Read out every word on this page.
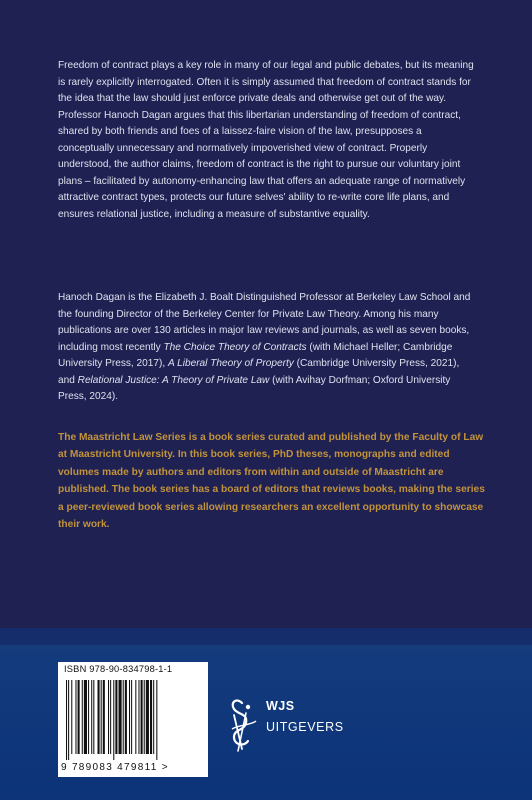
Freedom of contract plays a key role in many of our legal and public debates, but its meaning is rarely explicitly interrogated. Often it is simply assumed that freedom of contract stands for the idea that the law should just enforce private deals and otherwise get out of the way. Professor Hanoch Dagan argues that this libertarian understanding of freedom of contract, shared by both friends and foes of a laissez-faire vision of the law, presupposes a conceptually unnecessary and normatively impoverished view of contract. Properly understood, the author claims, freedom of contract is the right to pursue our voluntary joint plans – facilitated by autonomy-enhancing law that offers an adequate range of normatively attractive contract types, protects our future selves' ability to re-write core life plans, and ensures relational justice, including a measure of substantive equality.

Hanoch Dagan is the Elizabeth J. Boalt Distinguished Professor at Berkeley Law School and the founding Director of the Berkeley Center for Private Law Theory. Among his many publications are over 130 articles in major law reviews and journals, as well as seven books, including most recently The Choice Theory of Contracts (with Michael Heller; Cambridge University Press, 2017), A Liberal Theory of Property (Cambridge University Press, 2021), and Relational Justice: A Theory of Private Law (with Avihay Dorfman; Oxford University Press, 2024).

The Maastricht Law Series is a book series curated and published by the Faculty of Law at Maastricht University. In this book series, PhD theses, monographs and edited volumes made by authors and editors from within and outside of Maastricht are published. The book series has a board of editors that reviews books, making the series a peer-reviewed book series allowing researchers an excellent opportunity to showcase their work.

ISBN 978-90-834798-1-1
9 789083 479811 >
WJS
UITGEVERS
